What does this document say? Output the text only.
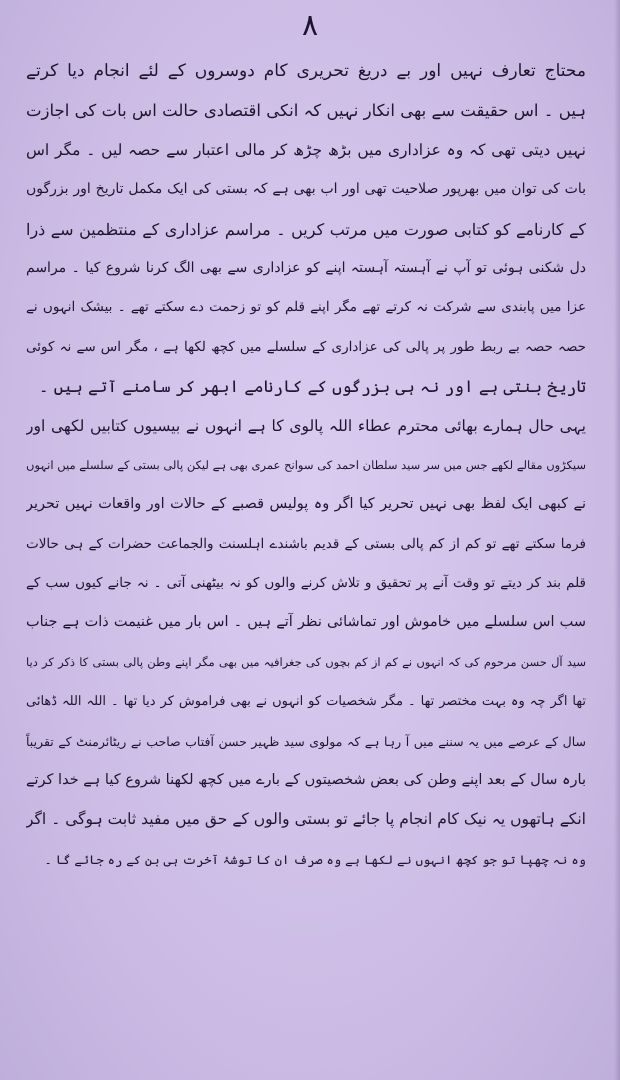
۸
محتاج تعارف نہیں اور بے دریغ تحریری کام دوسروں کے لئے انجام دیا کرتے
ہیں ۔ اس حقیقت سے بھی انکار نہیں کہ انکی اقتصادی حالت اس بات کی اجازت
نہیں دیتی تھی کہ وہ عزاداری میں بڑھ چڑھ کر مالی اعتبار سے حصہ لیں ۔ مگر اس
بات کی توان میں بھرپور صلاحیت تھی اور اب بھی ہے کہ بستی کی ایک مکمل تاریخ اور بزرگوں
کے کارنامے کو کتابی صورت میں مرتب کریں ۔ مراسم عزاداری کے منتظمین سے ذرا
دل شکنی ہوئی تو آپ نے آہستہ آہستہ اپنے کو عزاداری سے بھی الگ کرنا شروع کیا ۔ مراسم
عزا میں پابندی سے شرکت نہ کرتے تھے مگر اپنے قلم کو تو زحمت دے سکتے تھے ۔ بیشک انہوں نے
حصہ حصہ بے ربط طور پر پالی کی عزاداری کے سلسلے میں کچھ لکھا ہے ، مگر اس سے نہ کوئی
تاریخ بنتی ہے اور نہ ہی بزرگوں کے کارنامے ابھر کر سامنے آتے ہیں ۔
یہی حال ہمارے بھائی محترم عطاء اللہ پالوی کا ہے انہوں نے بیسیوں کتابیں لکھی اور
سیکڑوں مقالے لکھے جس میں سر سید سلطان احمد کی سوانح عمری بھی ہے لیکن پالی بستی کے سلسلے میں انہوں
نے کبھی ایک لفظ بھی نہیں تحریر کیا اگر وہ پولیس قصبے کے حالات اور واقعات نہیں تحریر
فرما سکتے تھے تو کم از کم پالی بستی کے قدیم باشندے اہلسنت والجماعت حضرات کے ہی حالات
قلم بند کر دیتے تو وقت آنے پر تحقیق و تلاش کرنے والوں کو نہ بیٹھنی آتی ۔ نہ جانے کیوں سب کے
سب اس سلسلے میں خاموش اور تماشائی نظر آتے ہیں ۔ اس بار میں غنیمت ذات ہے جناب
سید آل حسن مرحوم کی کہ انہوں نے کم از کم بچوں کی جغرافیہ میں بھی مگر اپنے وطن پالی بستی کا ذکر کر دیا
تھا اگر چہ وہ بہت مختصر تھا ۔ مگر شخصیات کو انہوں نے بھی فراموش کر دیا تھا ۔ اللہ اللہ ڈھائی
سال کے عرصے میں یہ سننے میں آ رہا ہے کہ مولوی سید ظہیر حسن آفتاب صاحب نے ریٹائرمنٹ کے تقریباً
بارہ سال کے بعد اپنے وطن کی بعض شخصیتوں کے بارے میں کچھ لکھنا شروع کیا ہے خدا کرتے
انکے ہاتھوں یہ نیک کام انجام پا جائے تو بستی والوں کے حق میں مفید ثابت ہوگی ۔ اگر
وہ نہ چھپا تو جو کچھ انہوں نے لکھا ہے وہ صرف ان کا توشۂ آخرت ہی بن کے رہ جائے گا ۔
